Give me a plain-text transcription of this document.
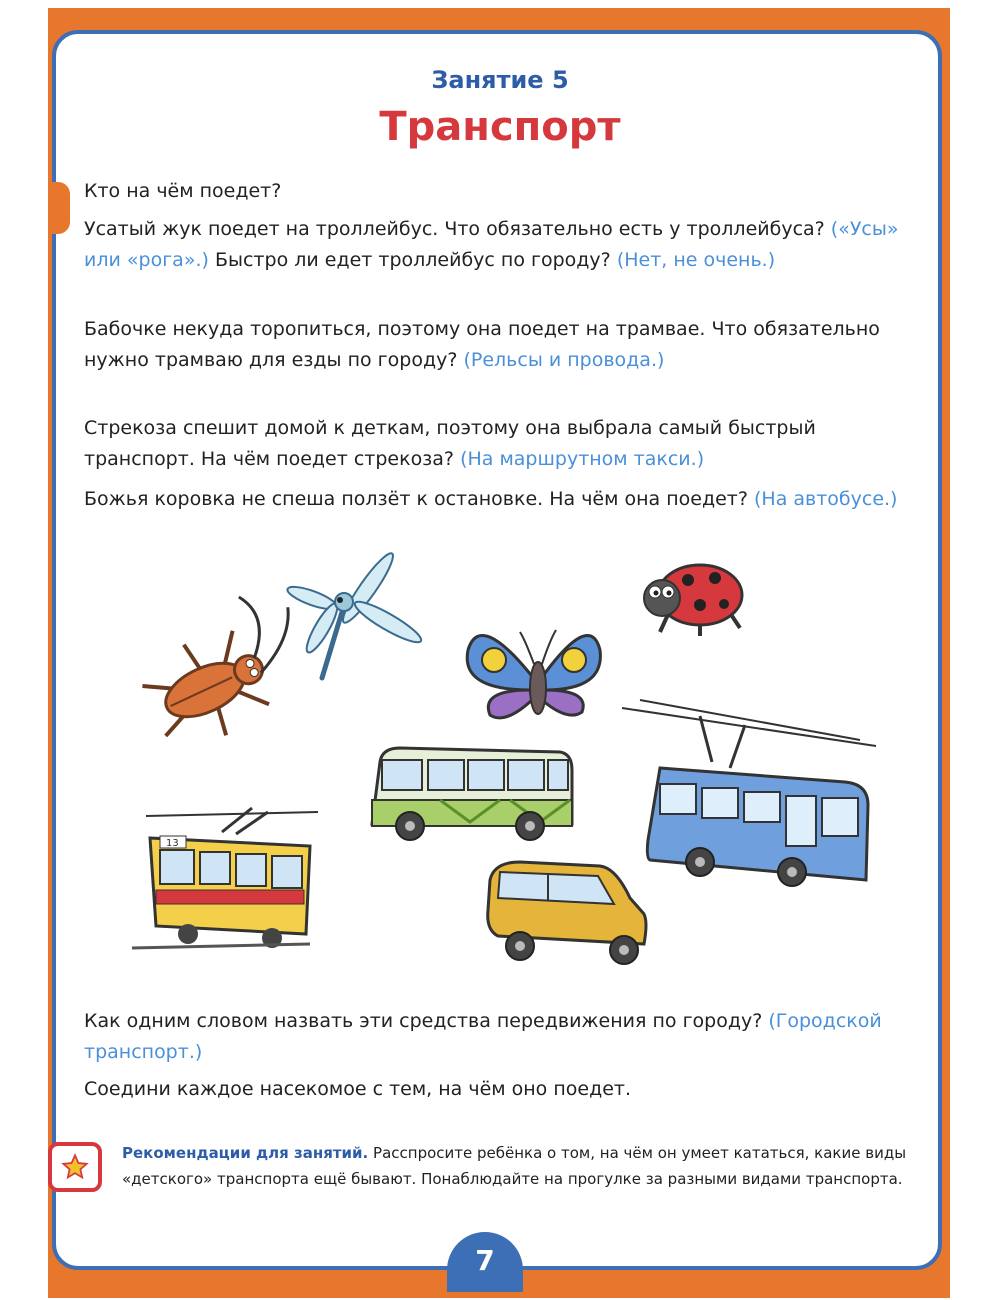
Занятие 5
Транспорт

Кто на чём поедет?

Усатый жук поедет на троллейбус. Что обязательно есть у троллейбуса? («Усы» или «рога».) Быстро ли едет троллейбус по городу? (Нет, не очень.)

Бабочке некуда торопиться, поэтому она поедет на трамвае. Что обязательно нужно трамваю для езды по городу? (Рельсы и провода.)

Стрекоза спешит домой к деткам, поэтому она выбрала самый быстрый транспорт. На чём поедет стрекоза? (На маршрутном такси.)

Божья коровка не спеша ползёт к остановке. На чём она поедет? (На автобусе.)

13

Как одним словом назвать эти средства передвижения по городу? (Городской транспорт.)

Соедини каждое насекомое с тем, на чём оно поедет.

Рекомендации для занятий. Расспросите ребёнка о том, на чём он умеет кататься, какие виды «детского» транспорта ещё бывают. Понаблюдайте на прогулке за разными видами транспорта.

7
